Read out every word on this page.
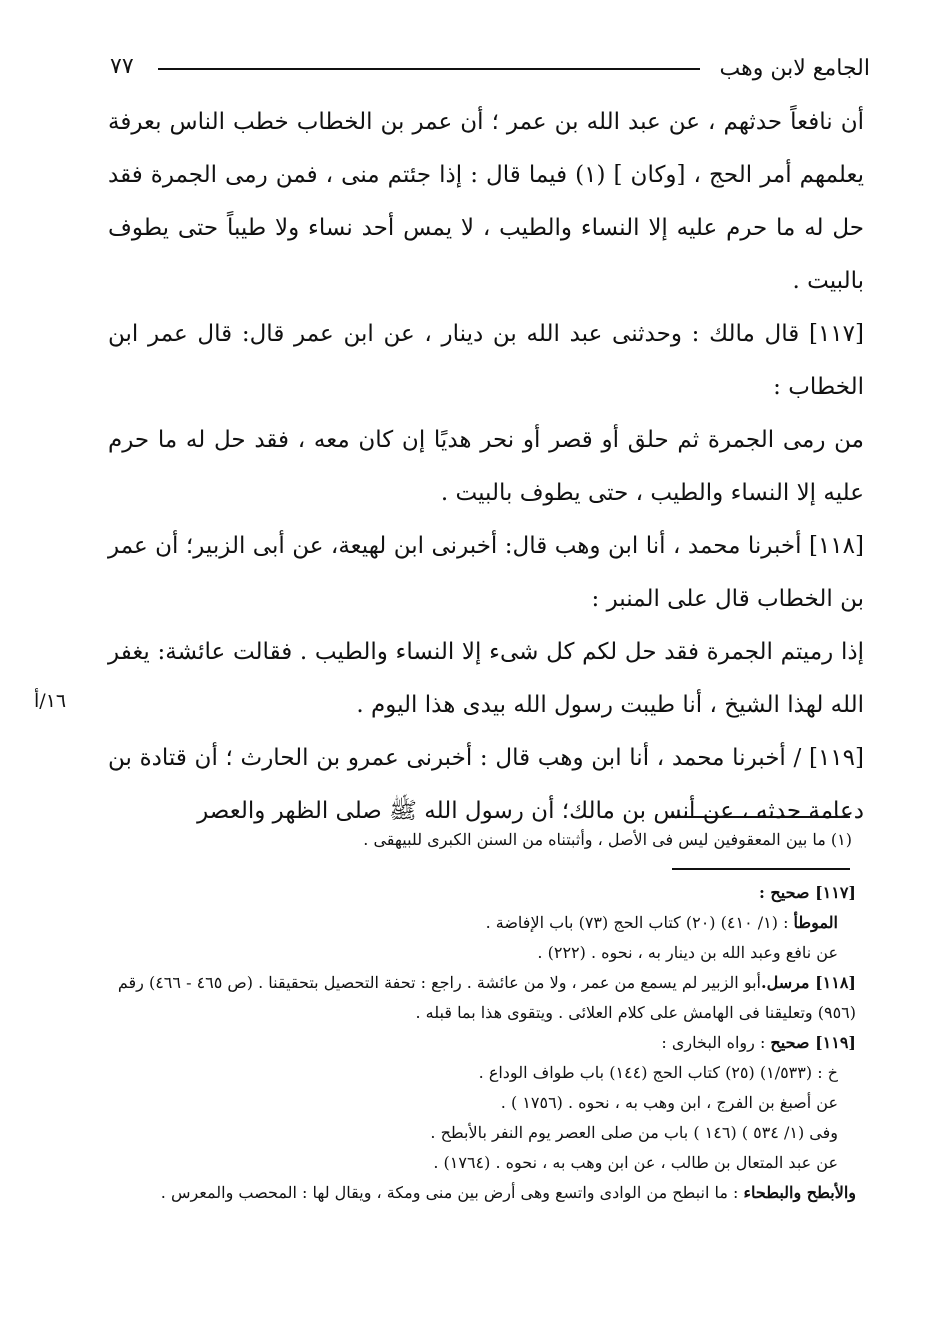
الجامع لابن وهب
٧٧

أن نافعاً حدثهم ، عن عبد الله بن عمر ؛ أن عمر بن الخطاب خطب الناس بعرفة يعلمهم أمر الحج ، [وكان ] (١) فيما قال : إذا جئتم منى ، فمن رمى الجمرة فقد حل له ما حرم عليه إلا النساء والطيب ، لا يمس أحد نساء ولا طيباً حتى يطوف بالبيت .

[١١٧] قال مالك : وحدثنى عبد الله بن دينار ، عن ابن عمر قال: قال عمر ابن الخطاب :

من رمى الجمرة ثم حلق أو قصر أو نحر هديًا إن كان معه ، فقد حل له ما حرم عليه إلا النساء والطيب ، حتى يطوف بالبيت .

[١١٨] أخبرنا محمد ، أنا ابن وهب قال: أخبرنى ابن لهيعة، عن أبى الزبير؛ أن عمر بن الخطاب قال على المنبر :

إذا رميتم الجمرة فقد حل لكم كل شىء إلا النساء والطيب . فقالت عائشة: يغفر الله لهذا الشيخ ، أنا طيبت رسول الله بيدى هذا اليوم .

[١١٩] / أخبرنا محمد ، أنا ابن وهب قال : أخبرنى عمرو بن الحارث ؛ أن قتادة بن دعامة حدثه ، عن أنس بن مالك؛ أن رسول الله ﷺ صلى الظهر والعصر

١٦/أ
(١) ما بين المعقوفين ليس فى الأصل ، وأثبتناه من السنن الكبرى للبيهقى .

[١١٧] صحيح :

الموطأ : (١/ ٤١٠) (٢٠) كتاب الحج (٧٣) باب الإفاضة .

عن نافع وعبد الله بن دينار به ، نحوه . (٢٢٢) .

[١١٨] مرسل.أبو الزبير لم يسمع من عمر ، ولا من عائشة . راجع : تحفة التحصيل بتحقيقنا . (ص ٤٦٥ - ٤٦٦) رقم (٩٥٦) وتعليقنا فى الهامش على كلام العلائى . ويتقوى هذا بما قبله .

[١١٩] صحيح : رواه البخارى :

خ : (١/٥٣٣) (٢٥) كتاب الحج (١٤٤) باب طواف الوداع .

عن أصبغ بن الفرج ، ابن وهب به ، نحوه . (١٧٥٦ ) .

وفى (١/ ٥٣٤ ) (١٤٦ ) باب من صلى العصر يوم النفر بالأبطح .

عن عبد المتعال بن طالب ، عن ابن وهب به ، نحوه . (١٧٦٤) .

والأبطح والبطحاء : ما انبطح من الوادى واتسع وهى أرض بين منى ومكة ، ويقال لها : المحصب والمعرس .
